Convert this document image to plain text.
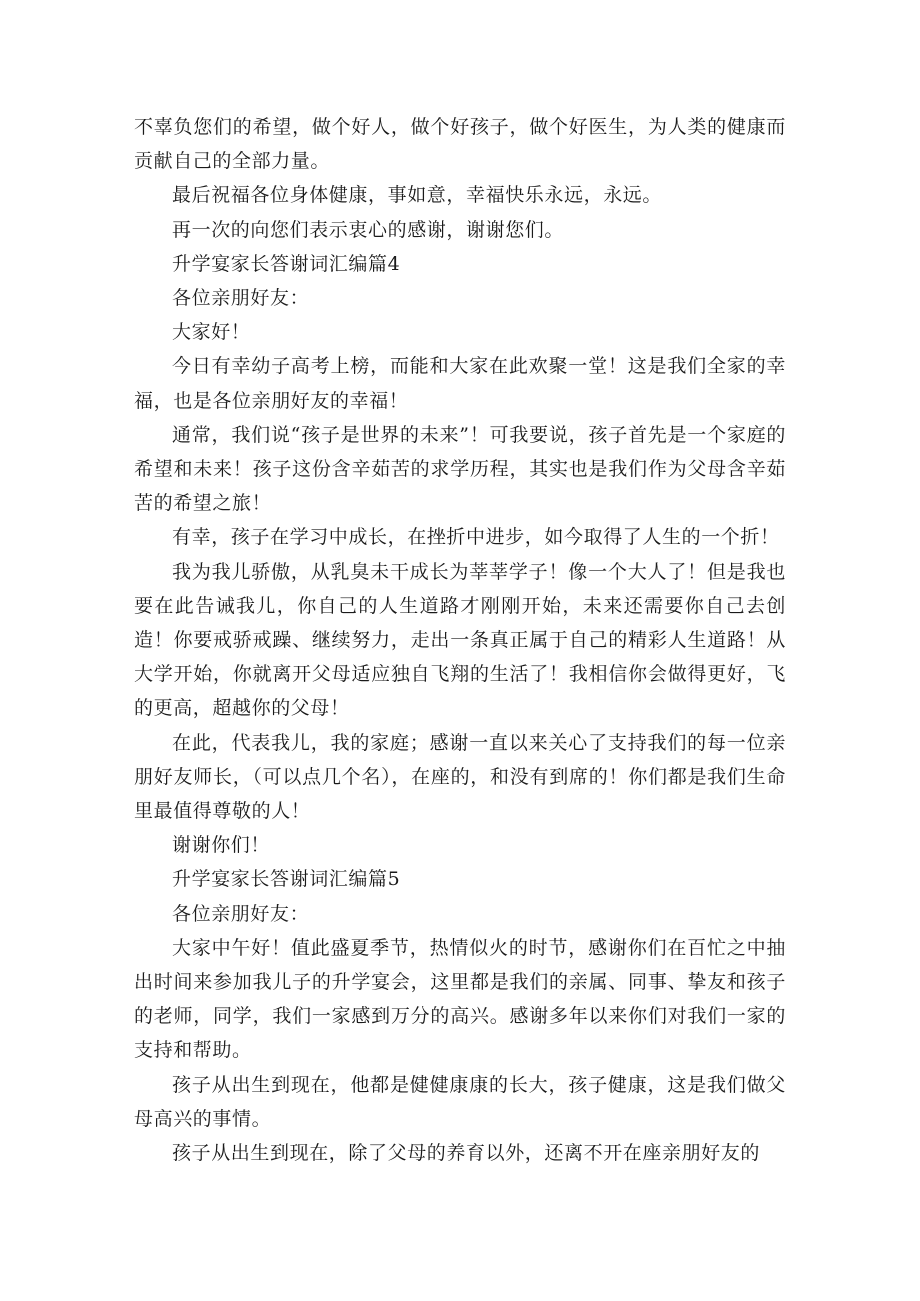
不辜负您们的希望，做个好人，做个好孩子，做个好医生，为人类的健康而贡献自己的全部力量。

最后祝福各位身体健康，事如意，幸福快乐永远，永远。

再一次的向您们表示衷心的感谢，谢谢您们。

升学宴家长答谢词汇编篇4

各位亲朋好友：

大家好！

今日有幸幼子高考上榜，而能和大家在此欢聚一堂！这是我们全家的幸福，也是各位亲朋好友的幸福！

通常，我们说“孩子是世界的未来”！可我要说，孩子首先是一个家庭的希望和未来！孩子这份含辛茹苦的求学历程，其实也是我们作为父母含辛茹苦的希望之旅！

有幸，孩子在学习中成长，在挫折中进步，如今取得了人生的一个折！

我为我儿骄傲，从乳臭未干成长为莘莘学子！像一个大人了！但是我也要在此告诫我儿，你自己的人生道路才刚刚开始，未来还需要你自己去创造！你要戒骄戒躁、继续努力，走出一条真正属于自己的精彩人生道路！从大学开始，你就离开父母适应独自飞翔的生活了！我相信你会做得更好，飞的更高，超越你的父母！

在此，代表我儿，我的家庭；感谢一直以来关心了支持我们的每一位亲朋好友师长，（可以点几个名），在座的，和没有到席的！你们都是我们生命里最值得尊敬的人！

谢谢你们！

升学宴家长答谢词汇编篇5

各位亲朋好友：

大家中午好！值此盛夏季节，热情似火的时节，感谢你们在百忙之中抽出时间来参加我儿子的升学宴会，这里都是我们的亲属、同事、挚友和孩子的老师，同学，我们一家感到万分的高兴。感谢多年以来你们对我们一家的支持和帮助。

孩子从出生到现在，他都是健健康康的长大，孩子健康，这是我们做父母高兴的事情。

孩子从出生到现在，除了父母的养育以外，还离不开在座亲朋好友的
